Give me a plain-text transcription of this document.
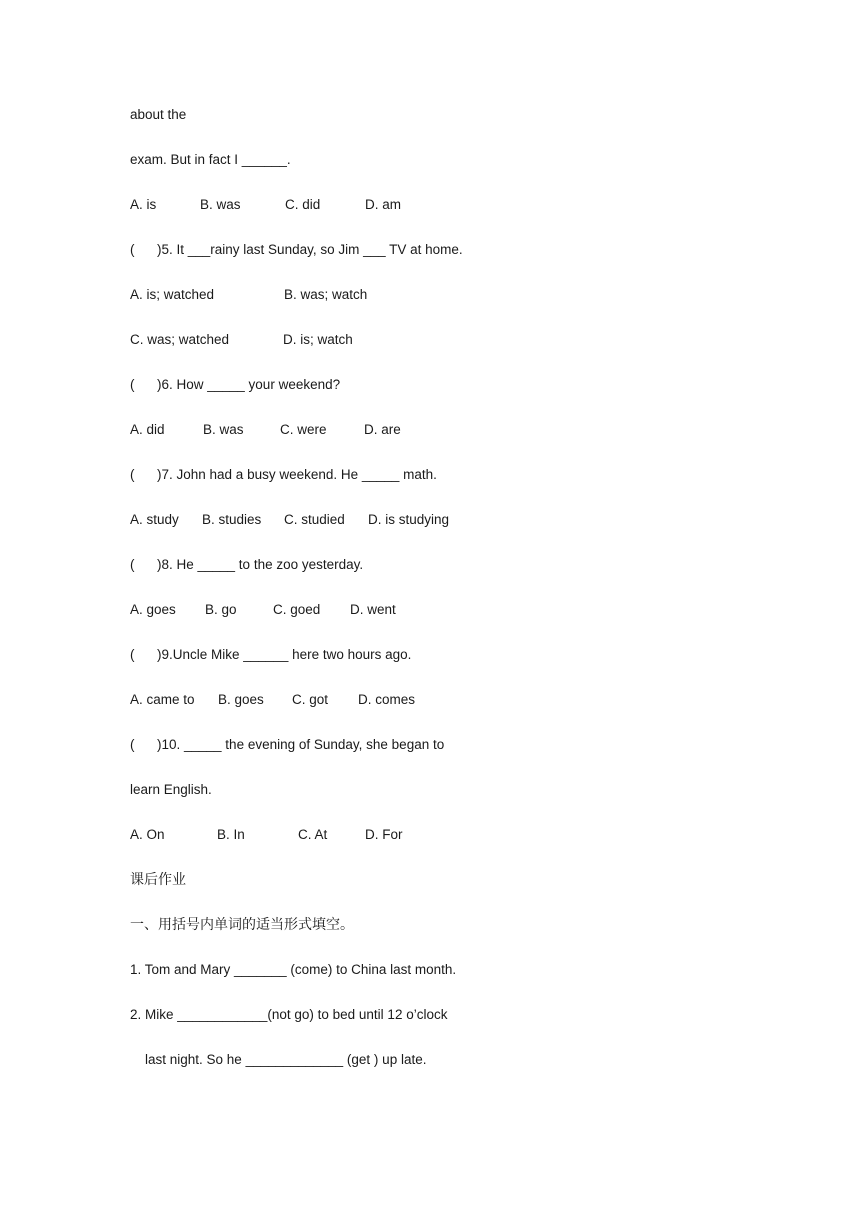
about the
exam. But in fact I ______.
A. is	B. was	C. did	D. am
(      )5. It ___rainy last Sunday, so Jim ___ TV at home.
A. is; watched	B. was; watch
C. was; watched	D. is; watch
(      )6. How _____ your weekend?
A. did	B. was	C. were	D. are
(      )7. John had a busy weekend. He _____ math.
A. study	B. studies	C. studied	D. is studying
(      )8. He _____ to the zoo yesterday.
A. goes	B. go	C. goed	D. went
(      )9.Uncle Mike ______ here two hours ago.
A. came to	B. goes	C. got	D. comes
(      )10. _____ the evening of Sunday, she began to
learn English.
A. On	B. In	C. At	D. For
课后作业
一、用括号内单词的适当形式填空。
1. Tom and Mary _______ (come) to China last month.
2. Mike ____________(not go) to bed until 12 o’clock
last night. So he _____________ (get ) up late.
